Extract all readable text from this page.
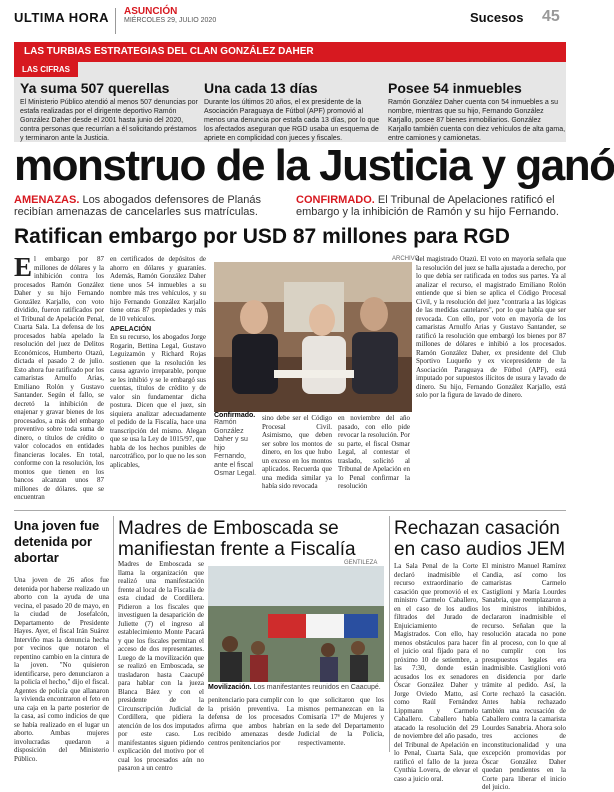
ULTIMA HORA ASUNCIÓN
MIÉRCOLES 29, JULIO 2020	Sucesos 45
LAS TURBIAS ESTRATEGIAS DEL CLAN GONZÁLEZ DAHER
LAS CIFRAS
Ya suma 507 querellas

El Ministerio Público atendió al menos 507 denuncias por estafa realizadas por el dirigente deportivo Ramón González Daher desde el 2001 hasta junio del 2020, contra personas que recurrían a él solicitando préstamos y terminaron ante la Justicia.

Una cada 13 días

Durante los últimos 20 años, el ex presidente de la Asociación Paraguaya de Fútbol (APF) promovió al menos una denuncia por estafa cada 13 días, por lo que los afectados aseguran que RGD usaba un esquema de apriete en complicidad con jueces y fiscales.

Posee 54 inmuebles

Ramón González Daher cuenta con 54 inmuebles a su nombre, mientras que su hijo, Fernando González Karjallo, posee 87 bienes inmobiliarios. González Karjallo también cuenta con diez vehículos de alta gama, entre camiones y camionetas.

monstruo de la Justicia y ganó
AMENAZAS. Los abogados defensores de Planás recibían amenazas de cancelarles sus matrículas.
CONFIRMADO. El Tribunal de Apelaciones ratificó el embargo y la inhibición de Ramón y su hijo Fernando.
Ratifican embargo por USD 87 millones para RGD
El embargo por 87 millones de dólares y la inhibición contra los procesados Ramón González Daher y su hijo Fernando González Karjallo, con voto dividido, fueron ratificados por el Tribunal de Apelación Penal, Cuarta Sala. La defensa de los procesados había apelado la resolución del juez de Delitos Económicos, Humberto Otazú, dictada el pasado 2 de julio. Esto ahora fue ratificado por los camaristas Arnulfo Arias, Emiliano Rolón y Gustavo Santander. Según el fallo, se decretó la inhibición de enajenar y gravar bienes de los procesados, a más del embargo preventivo sobre toda suma de dinero, o títulos de crédito o valor colocados en entidades financieras locales. En total, conforme con la resolución, los montos que tienen en los bancos alcanzan unos 87 millones de dólares. que se encuentran
en certificados de depósitos de ahorro en dólares y guaraníes. Además, Ramón González Daher tiene unos 54 inmuebles a su nombre más tres vehículos, y su hijo Fernando González Karjallo tiene otras 87 propiedades y más de 10 vehículos.
APELACIÓN
En su recurso, los abogados Jorge Rogarin, Bettina Legal, Gustavo Leguizamón y Richard Rojas sostienen que la resolución les causa agravio irreparable, porque se les inhibió y se le embargó sus cuentas, títulos de crédito y de valor sin fundamentar dicha postura. Dicen que el juez, sin siquiera analizar adecuadamente el pedido de la Fiscalía, hace una transcripción del mismo. Alegan que se usa la Ley de 1015/97, que habla de los hechos punibles de narcotráfico, por lo que no les son aplicables,
ARCHIVO
Confirmado.
Ramón González Daher y su hijo Fernando, ante el fiscal Osmar Legal.
sino debe ser el Código Procesal Civil. Asimismo, que deben ser sobre los montos de dinero, en los que hubo un exceso en los montos aplicados. Recuerda que una medida similar ya había sido revocada
en noviembre del año pasado, con ello pide revocar la resolución. Por su parte, el fiscal Osmar Legal, al contestar el traslado, solicitó al Tribunal de Apelación en lo Penal confirmar la resolución
del magistrado Otazú. El voto en mayoría señala que la resolución del juez se halla ajustada a derecho, por lo que debía ser ratificada en todos sus partes. Ya al analizar el recurso, el magistrado Emiliano Rolón entiende que si bien se aplica el Código Procesal Civil, y la resolución del juez "contraría a las lógicas de las medidas cautelares", por lo que había que ser revocada. Con ello, por voto en mayoría de los camaristas Arnulfo Arias y Gustavo Santander, se ratificó la resolución que embargó los bienes por 87 millones de dólares e inhibió a los procesados. Ramón González Daher, ex presidente del Club Sportivo Luqueño y ex vicepresidente de la Asociación Paraguaya de Fútbol (APF), está imputado por supuestos ilícitos de usura y lavado de dinero. Su hijo, Fernando González Karjallo, está solo por la figura de lavado de dinero.
Una joven fue detenida por abortar
Una joven de 26 años fue detenida por haberse realizado un aborto con la ayuda de una vecina, el pasado 20 de mayo, en la ciudad de Josefalcón, Departamento de Presidente Hayes. Ayer, el fiscal Irán Suárez Interviño mas la denuncia hecha por vecinos que notaron el repentino cambio en la cintura de la joven. "No quisieron identificarse, pero denunciaron a la policía el hecho," dijo el fiscal. Agentes de policía que allanaron la vivienda encontraron el feto en una caja en la parte posterior de la casa, así como indicios de que se había realizado en el lugar un aborto. Ambas mujeres involucradas quedaron a disposición del Ministerio Público.
Madres de Emboscada se manifiestan frente a Fiscalía
Madres de Emboscada se llama la organización que realizó una manifestación frente al local de la Fiscalía de esta ciudad de Cordillera. Pidieron a los fiscales que investiguen la desaparición de Juliette (7) el ingreso al establecimiento Monte Pacará y que los fiscales permitan el acceso de dos representantes. Luego de la movilización que se realizó en Emboscada, se trasladaron hasta Caacupé para hablar con la jueza Blanca Báez y con el presidente de la Circunscripción Judicial de Cordillera, que pidiera la atención de los dos imputados por este caso. Los manifestantes siguen pidiendo explicación del motivo por el cual los procesados aún no pasaron a un centro
GENTILEZA
Movilización. Los manifestantes reunidos en Caacupé.
penitenciario para cumplir con la prisión preventiva. La defensa de los procesados afirma que ambos habrían recibido amenazas desde centros penitenciarios por
lo que solicitaron que los mismos permanezcan en la Comisaría 17ª de Mujeres y en la sede del Departamento Judicial de la Policía, respectivamente.
Rechazan casación en caso audios JEM
La Sala Penal de la Corte declaró inadmisible el recurso extraordinario de casación que promovió el ex ministro Carmelo Caballero, en el caso de los audios filtrados del Jurado de Enjuiciamiento de Magistrados. Con ello, hay menos obstáculos para hacer el juicio oral fijado para el próximo 10 de setiembre, a las 7:30, donde están acusados los ex senadores Óscar González Daher y Jorge Oviedo Matto, así como Raúl Fernández Lippmann y Carmelo Caballero. Caballero había atacado la resolución del 29 de noviembre del año pasado, del Tribunal de Apelación en lo Penal, Cuarta Sala, que ratificó el fallo de la jueza Cynthia Lovera, de elevar el caso a juicio oral.
El ministro Manuel Ramírez Candia, así como los camaristas Carmelo Castiglioni y María Lourdes Sanabria, que reemplazaron a los ministros inhibidos, declararon inadmisible el recurso. Señalan que la resolución atacada no pone fin al proceso, con lo que al no cumplir con los presupuestos legales era inadmisible. Castiglioni votó en disidencia por darle trámite al pedido. Así, la Corte rechazó la casación. Antes había rechazado también una recusación de Caballero contra la camarista Lourdes Sanabria. Ahora solo tres acciones de inconstitucionalidad y una excepción promovidas por Óscar González Daher quedan pendientes en la Corte para liberar el inicio del juicio.
